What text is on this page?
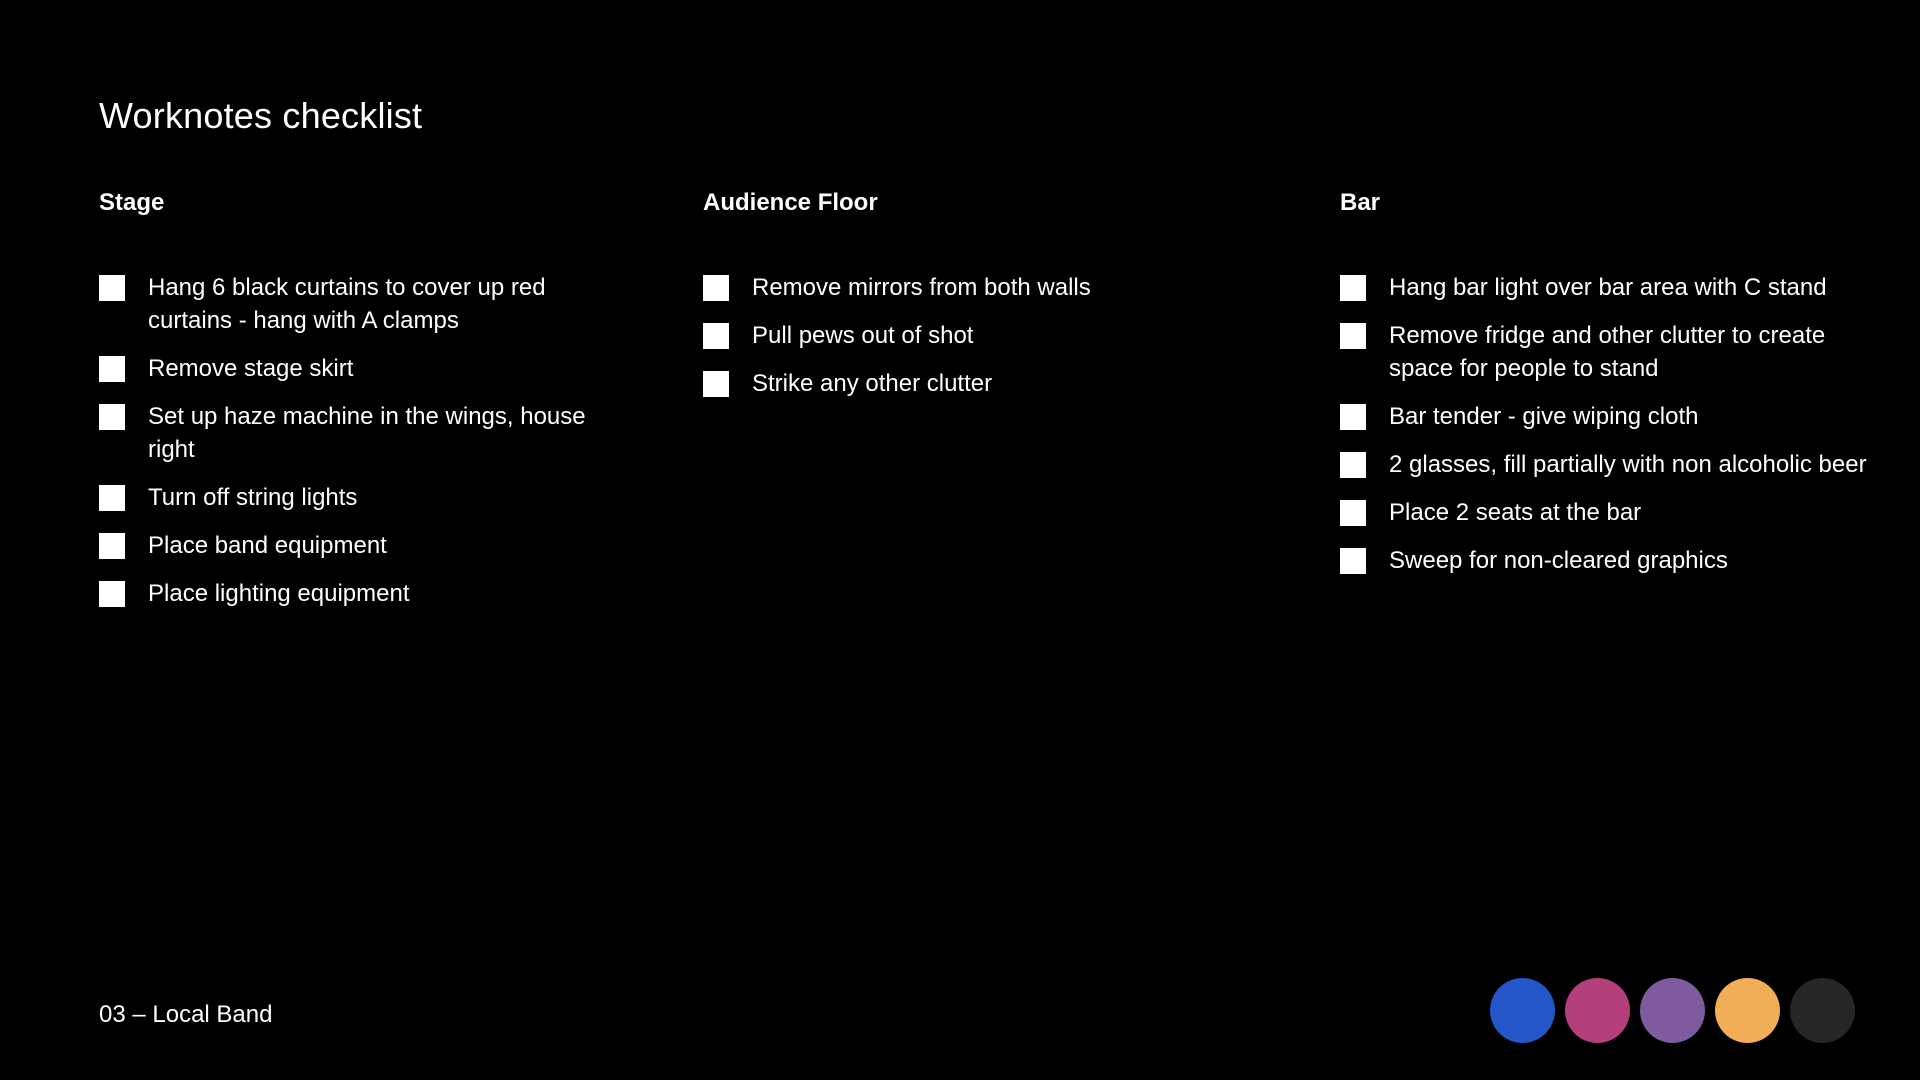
Worknotes checklist
Stage
Hang 6 black curtains to cover up red curtains - hang with A clamps
Remove stage skirt
Set up haze machine in the wings, house right
Turn off string lights
Place band equipment
Place lighting equipment
Audience Floor
Remove mirrors from both walls
Pull pews out of shot
Strike any other clutter
Bar
Hang bar light over bar area with C stand
Remove fridge and other clutter to create space for people to stand
Bar tender - give wiping cloth
2 glasses, fill partially with non alcoholic beer
Place 2 seats at the bar
Sweep for non-cleared graphics
03 – Local Band
